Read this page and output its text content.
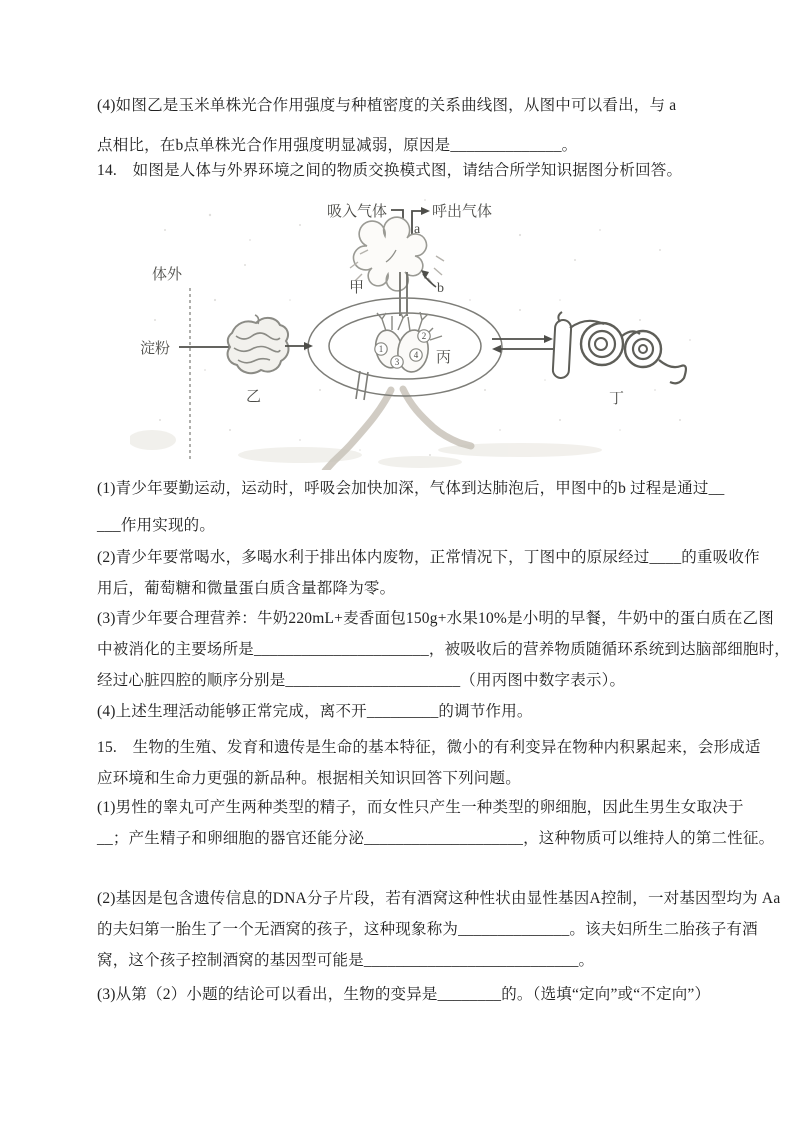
(4)如图乙是玉米单株光合作用强度与种植密度的关系曲线图，从图中可以看出，与 a
点相比，在b点单株光合作用强度明显减弱，原因是______________。
14.　如图是人体与外界环境之间的物质交换模式图，请结合所学知识据图分析回答。
体外
吸入气体	呼出气体
a
甲	b
1
2
3
4 丙
淀粉
乙	丁
(1)青少年要勤运动，运动时，呼吸会加快加深，气体到达肺泡后，甲图中的b 过程是通过__
___作用实现的。
(2)青少年要常喝水，多喝水利于排出体内废物，正常情况下，丁图中的原尿经过____的重吸收作
用后，葡萄糖和微量蛋白质含量都降为零。
(3)青少年要合理营养：牛奶220mL+麦香面包150g+水果10%是小明的早餐，牛奶中的蛋白质在乙图
中被消化的主要场所是______________________，被吸收后的营养物质随循环系统到达脑部细胞时，
经过心脏四腔的顺序分别是______________________（用丙图中数字表示）。
(4)上述生理活动能够正常完成，离不开_________的调节作用。
15.　生物的生殖、发育和遗传是生命的基本特征，微小的有利变异在物种内积累起来，会形成适
应环境和生命力更强的新品种。根据相关知识回答下列问题。
(1)男性的睾丸可产生两种类型的精子，而女性只产生一种类型的卵细胞，因此生男生女取决于
__；产生精子和卵细胞的器官还能分泌____________________，这种物质可以维持人的第二性征。
(2)基因是包含遗传信息的DNA分子片段，若有酒窝这种性状由显性基因A控制，一对基因型均为 Aa
的夫妇第一胎生了一个无酒窝的孩子，这种现象称为______________。该夫妇所生二胎孩子有酒
窝，这个孩子控制酒窝的基因型可能是___________________________。
(3)从第（2）小题的结论可以看出，生物的变异是________的。（选填“定向”或“不定向”）
